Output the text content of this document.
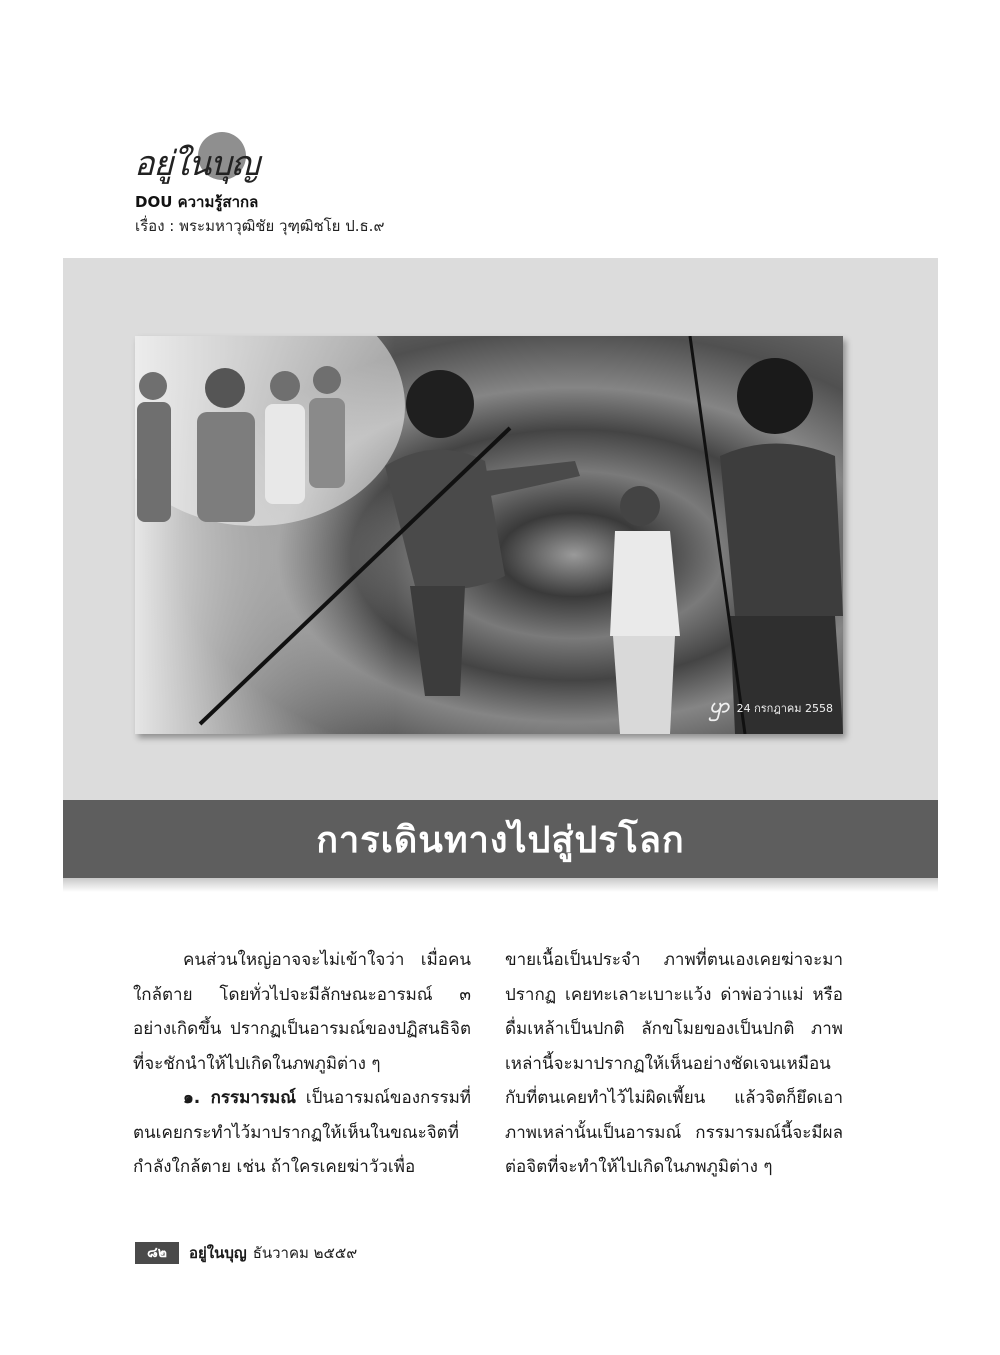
อยู่ในบุญ
DOU ความรู้สากล
เรื่อง : พระมหาวุฒิชัย วุฑฺฒิชโย ป.ธ.๙
ꩥ 24 กรกฎาคม 2558
การเดินทางไปสู่ปรโลก

คนส่วนใหญ่อาจจะไม่เข้าใจว่า เมื่อคนใกล้ตาย โดยทั่วไปจะมีลักษณะอารมณ์ ๓ อย่างเกิดขึ้น ปรากฏเป็นอารมณ์ของปฏิสนธิจิตที่จะชักนำให้ไปเกิดในภพภูมิต่าง ๆ

๑. กรรมารมณ์ เป็นอารมณ์ของกรรมที่ตนเคยกระทำไว้มาปรากฏให้เห็นในขณะจิตที่กำลังใกล้ตาย เช่น ถ้าใครเคยฆ่าวัวเพื่อ

ขายเนื้อเป็นประจำ ภาพที่ตนเองเคยฆ่าจะมาปรากฏ เคยทะเลาะเบาะแว้ง ด่าพ่อว่าแม่ หรือดื่มเหล้าเป็นปกติ ลักขโมยของเป็นปกติ ภาพเหล่านี้จะมาปรากฏให้เห็นอย่างชัดเจนเหมือนกับที่ตนเคยทำไว้ไม่ผิดเพี้ยน แล้วจิตก็ยึดเอาภาพเหล่านั้นเป็นอารมณ์ กรรมารมณ์นี้จะมีผลต่อจิตที่จะทำให้ไปเกิดในภพภูมิต่าง ๆ

๘๒	อยู่ในบุญ ธันวาคม ๒๕๕๙
